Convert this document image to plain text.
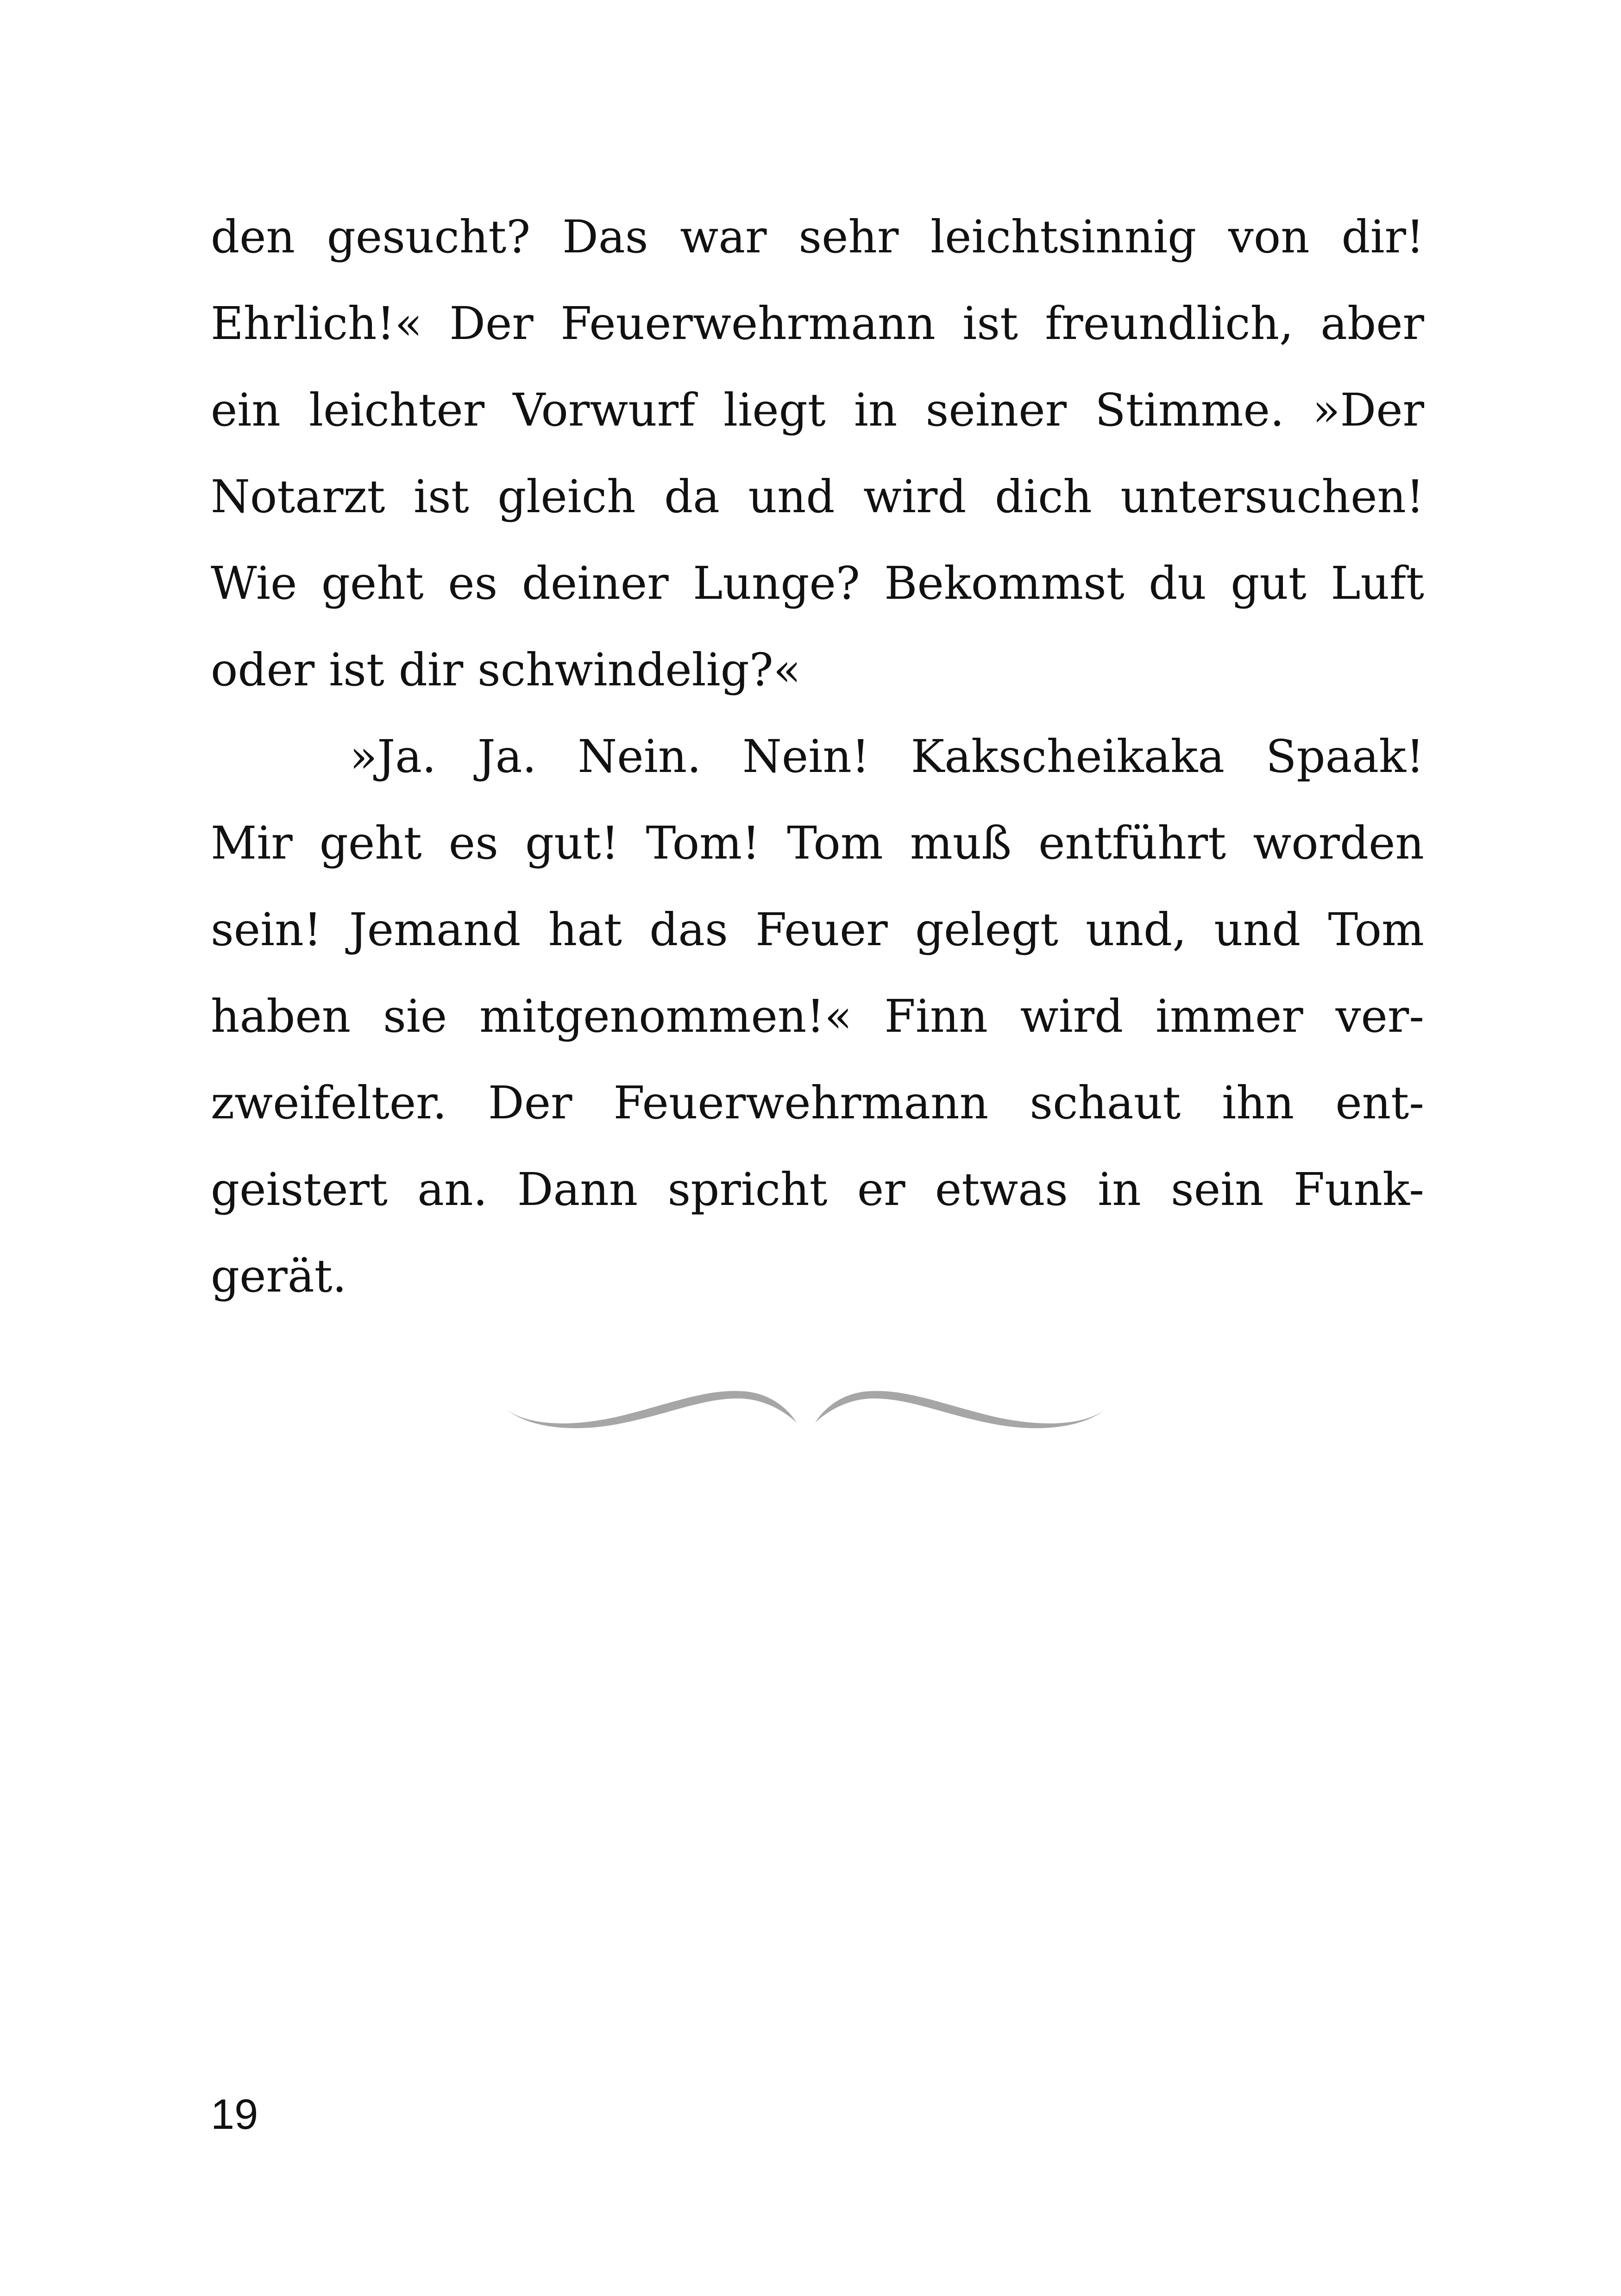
den gesucht? Das war sehr leichtsinnig von dir!
Ehrlich!« Der Feuerwehrmann ist freundlich, aber
ein leichter Vorwurf liegt in seiner Stimme. »Der
Notarzt ist gleich da und wird dich untersuchen!
Wie geht es deiner Lunge? Bekommst du gut Luft
oder ist dir schwindelig?«
»Ja. Ja. Nein. Nein! Kakscheikaka Spaak!
Mir geht es gut! Tom! Tom muß entführt worden
sein! Jemand hat das Feuer gelegt und, und Tom
haben sie mitgenommen!« Finn wird immer ver-
zweifelter. Der Feuerwehrmann schaut ihn ent-
geistert an. Dann spricht er etwas in sein Funk-
gerät.
19
